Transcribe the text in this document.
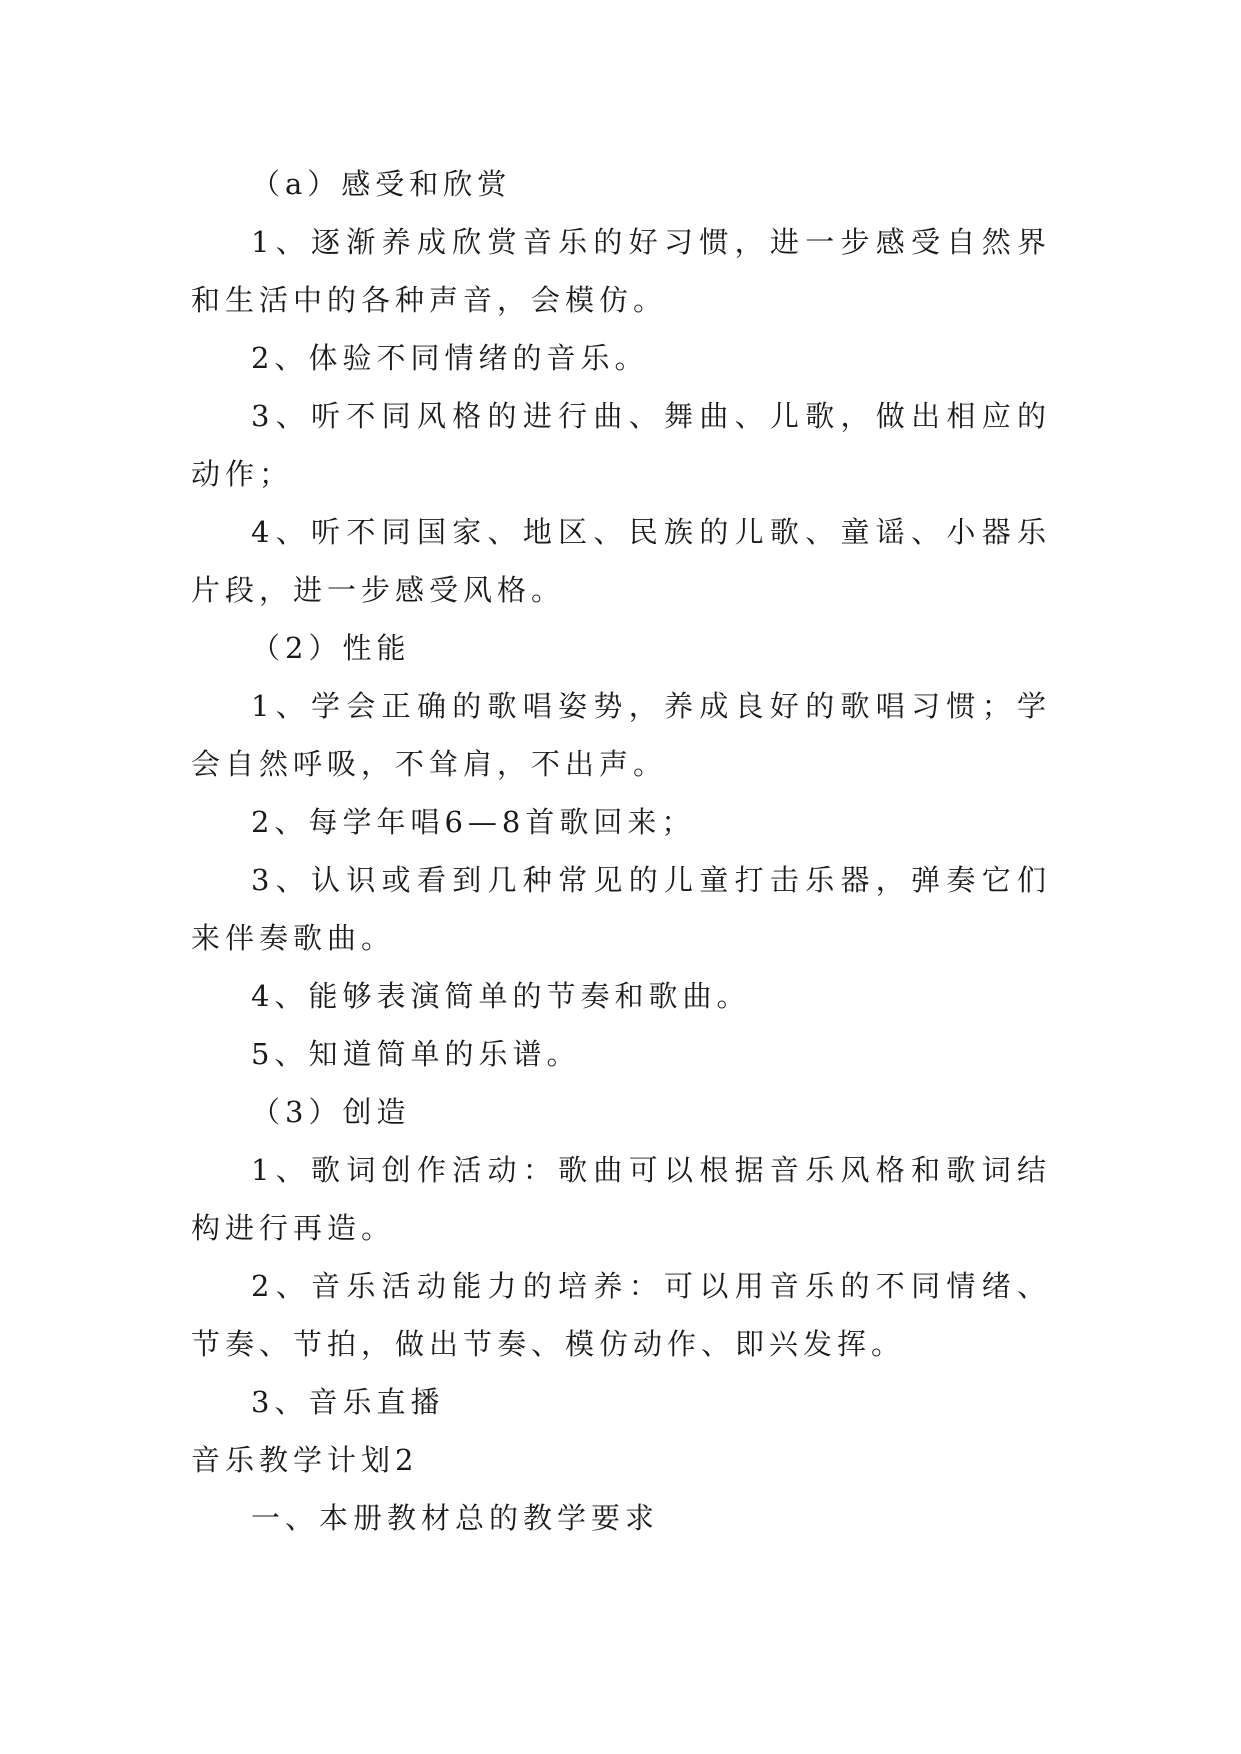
（a）感受和欣赏

1、逐渐养成欣赏音乐的好习惯，进一步感受自然界和生活中的各种声音，会模仿。

2、体验不同情绪的音乐。

3、听不同风格的进行曲、舞曲、儿歌，做出相应的动作；

4、听不同国家、地区、民族的儿歌、童谣、小器乐片段，进一步感受风格。

（2）性能

1、学会正确的歌唱姿势，养成良好的歌唱习惯；学会自然呼吸，不耸肩，不出声。

2、每学年唱6—8首歌回来；

3、认识或看到几种常见的儿童打击乐器，弹奏它们来伴奏歌曲。

4、能够表演简单的节奏和歌曲。

5、知道简单的乐谱。

（3）创造

1、歌词创作活动：歌曲可以根据音乐风格和歌词结构进行再造。

2、音乐活动能力的培养：可以用音乐的不同情绪、节奏、节拍，做出节奏、模仿动作、即兴发挥。

3、音乐直播

音乐教学计划2

一、本册教材总的教学要求
